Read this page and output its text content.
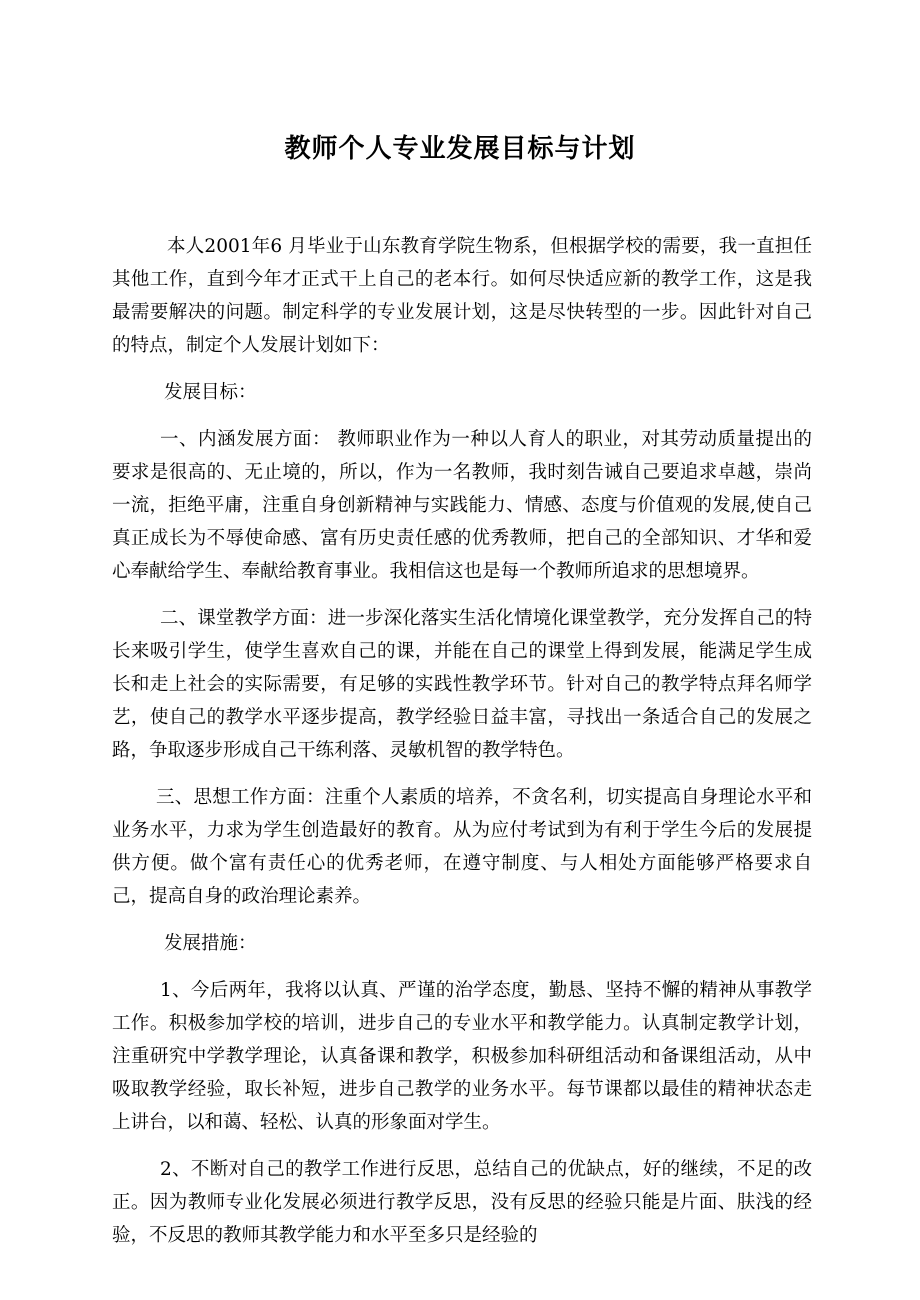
教师个人专业发展目标与计划

本人2001年6 月毕业于山东教育学院生物系，但根据学校的需要，我一直担任其他工作，直到今年才正式干上自己的老本行。如何尽快适应新的教学工作，这是我最需要解决的问题。制定科学的专业发展计划，这是尽快转型的一步。因此针对自己的特点，制定个人发展计划如下：

发展目标：

一、内涵发展方面： 教师职业作为一种以人育人的职业，对其劳动质量提出的要求是很高的、无止境的，所以，作为一名教师，我时刻告诫自己要追求卓越，崇尚一流，拒绝平庸，注重自身创新精神与实践能力、情感、态度与价值观的发展,使自己真正成长为不辱使命感、富有历史责任感的优秀教师，把自己的全部知识、才华和爱心奉献给学生、奉献给教育事业。我相信这也是每一个教师所追求的思想境界。

二、课堂教学方面：进一步深化落实生活化情境化课堂教学，充分发挥自己的特长来吸引学生，使学生喜欢自己的课，并能在自己的课堂上得到发展，能满足学生成长和走上社会的实际需要，有足够的实践性教学环节。针对自己的教学特点拜名师学艺，使自己的教学水平逐步提高，教学经验日益丰富，寻找出一条适合自己的发展之路，争取逐步形成自己干练利落、灵敏机智的教学特色。

三、思想工作方面：注重个人素质的培养，不贪名利，切实提高自身理论水平和业务水平，力求为学生创造最好的教育。从为应付考试到为有利于学生今后的发展提供方便。做个富有责任心的优秀老师，在遵守制度、与人相处方面能够严格要求自己，提高自身的政治理论素养。

发展措施：

1、今后两年，我将以认真、严谨的治学态度，勤恳、坚持不懈的精神从事教学工作。积极参加学校的培训，进步自己的专业水平和教学能力。认真制定教学计划，注重研究中学教学理论，认真备课和教学，积极参加科研组活动和备课组活动，从中吸取教学经验，取长补短，进步自己教学的业务水平。每节课都以最佳的精神状态走上讲台，以和蔼、轻松、认真的形象面对学生。

2、不断对自己的教学工作进行反思，总结自己的优缺点，好的继续，不足的改正。因为教师专业化发展必须进行教学反思，没有反思的经验只能是片面、肤浅的经验，不反思的教师其教学能力和水平至多只是经验的
